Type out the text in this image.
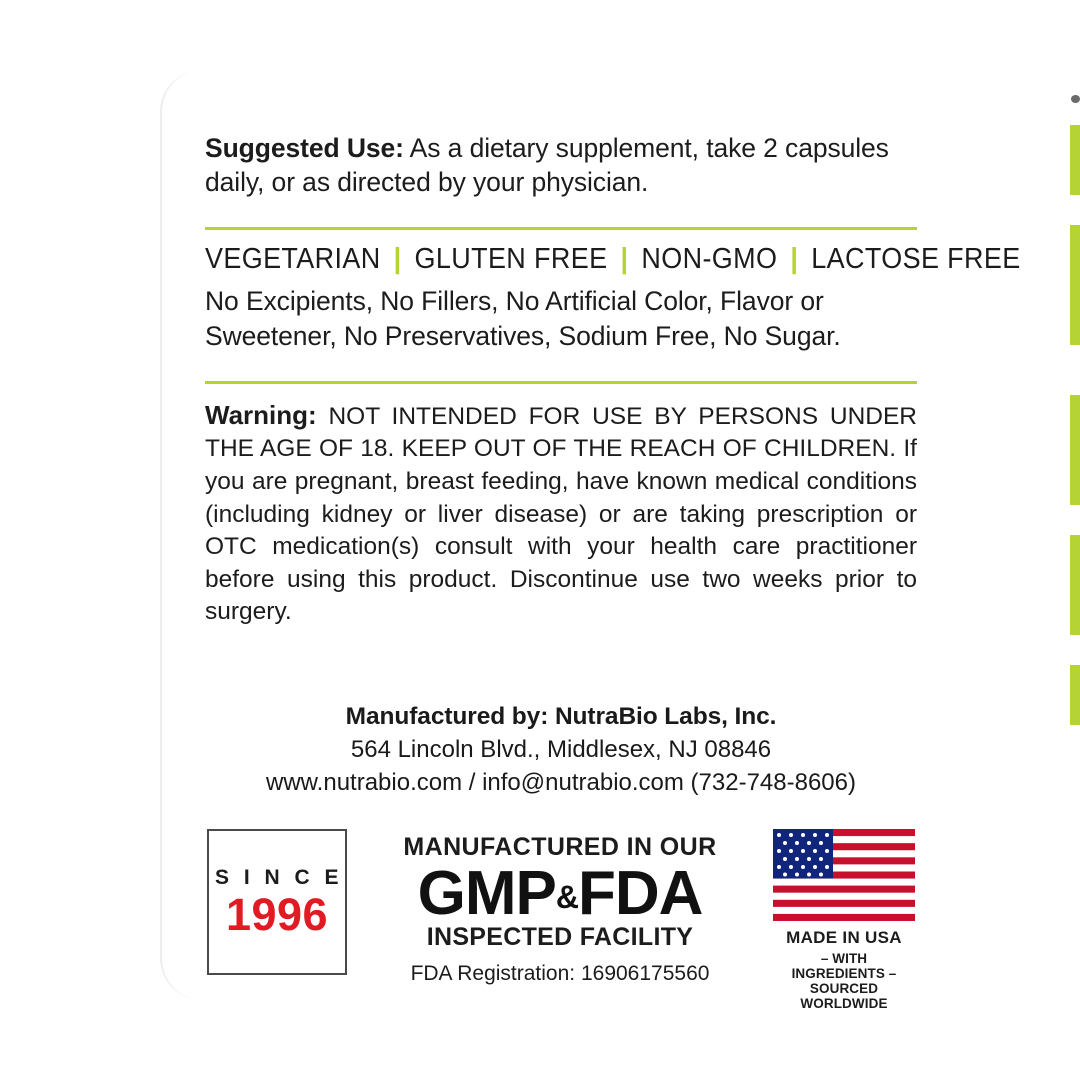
Suggested Use: As a dietary supplement, take 2 capsules daily, or as directed by your physician.

VEGETARIAN | GLUTEN FREE | NON-GMO | LACTOSE FREE

No Excipients, No Fillers, No Artificial Color, Flavor or Sweetener, No Preservatives, Sodium Free, No Sugar.

Warning: NOT INTENDED FOR USE BY PERSONS UNDER THE AGE OF 18. KEEP OUT OF THE REACH OF CHILDREN. If you are pregnant, breast feeding, have known medical conditions (including kidney or liver disease) or are taking prescription or OTC medication(s) consult with your health care practitioner before using this product. Discontinue use two weeks prior to surgery.

Manufactured by: NutraBio Labs, Inc.
564 Lincoln Blvd., Middlesex, NJ 08846
www.nutrabio.com / info@nutrabio.com (732-748-8606)
S I N C E
1996
MANUFACTURED IN OUR
GMP&FDA
INSPECTED FACILITY
FDA Registration: 16906175560
MADE IN USA
– WITH INGREDIENTS –
SOURCED WORLDWIDE
